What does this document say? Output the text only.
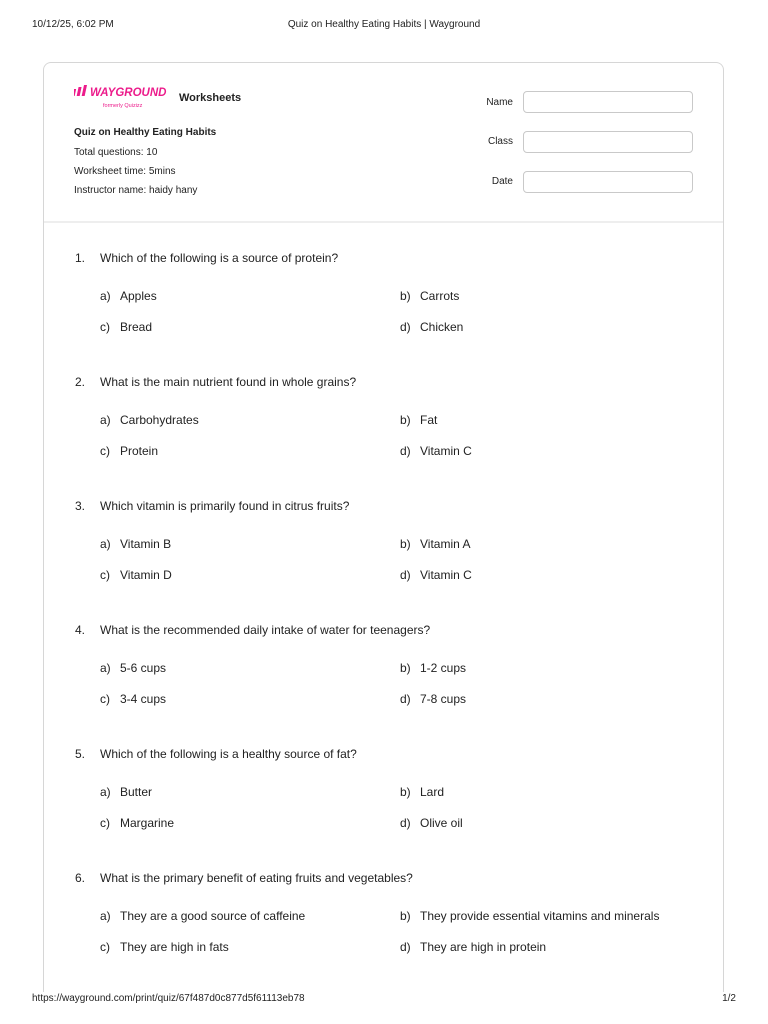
10/12/25, 6:02 PM	Quiz on Healthy Eating Habits | Wayground
WAYGROUND
formerly Quizizz
Worksheets
Quiz on Healthy Eating Habits
Total questions: 10
Worksheet time: 5mins
Instructor name: haidy hany
Name
Class
Date
1. Which of the following is a source of protein?
a) Apples	b) Carrots
c) Bread	d) Chicken
2. What is the main nutrient found in whole grains?
a) Carbohydrates	b) Fat
c) Protein	d) Vitamin C
3. Which vitamin is primarily found in citrus fruits?
a) Vitamin B	b) Vitamin A
c) Vitamin D	d) Vitamin C
4. What is the recommended daily intake of water for teenagers?
a) 5-6 cups	b) 1-2 cups
c) 3-4 cups	d) 7-8 cups
5. Which of the following is a healthy source of fat?
a) Butter	b) Lard
c) Margarine	d) Olive oil
6. What is the primary benefit of eating fruits and vegetables?
a) They are a good source of caffeine	b) They provide essential vitamins and minerals
c) They are high in fats	d) They are high in protein
https://wayground.com/print/quiz/67f487d0c877d5f61113eb78	1/2
